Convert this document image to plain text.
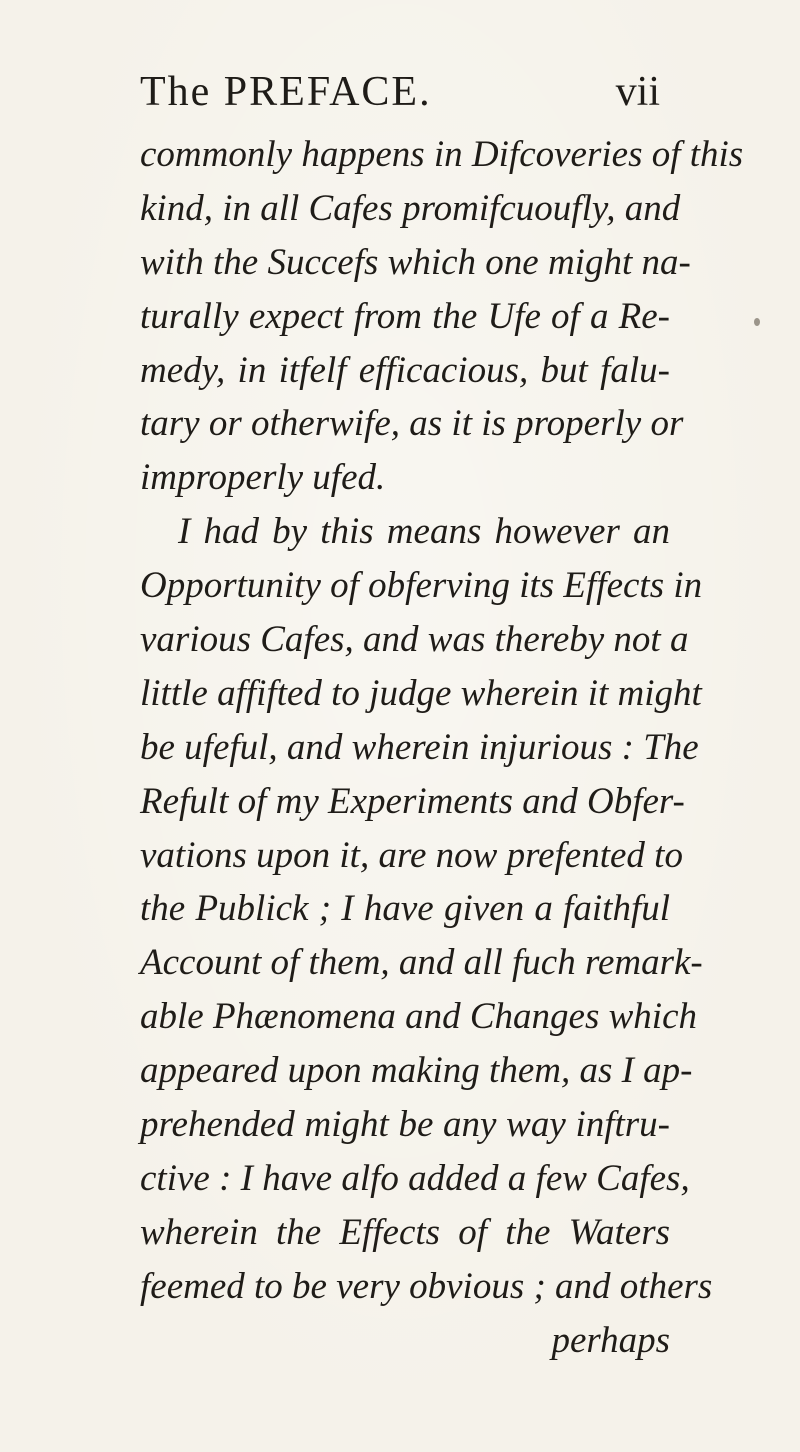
The PREFACE.	vii
commonly happens in Difcoveries of this
kind, in all Cafes promifcuoufly, and
with the Succefs which one might na-
turally expect from the Ufe of a Re-
medy, in itfelf efficacious, but falu-
tary or otherwife, as it is properly or
improperly ufed.
I had by this means however an
Opportunity of obferving its Effects in
various Cafes, and was thereby not a
little affifted to judge wherein it might
be ufeful, and wherein injurious : The
Refult of my Experiments and Obfer-
vations upon it, are now prefented to
the Publick ; I have given a faithful
Account of them, and all fuch remark-
able Phænomena and Changes which
appeared upon making them, as I ap-
prehended might be any way inftru-
ctive : I have alfo added a few Cafes,
wherein the Effects of the Waters
feemed to be very obvious ; and others
perhaps
